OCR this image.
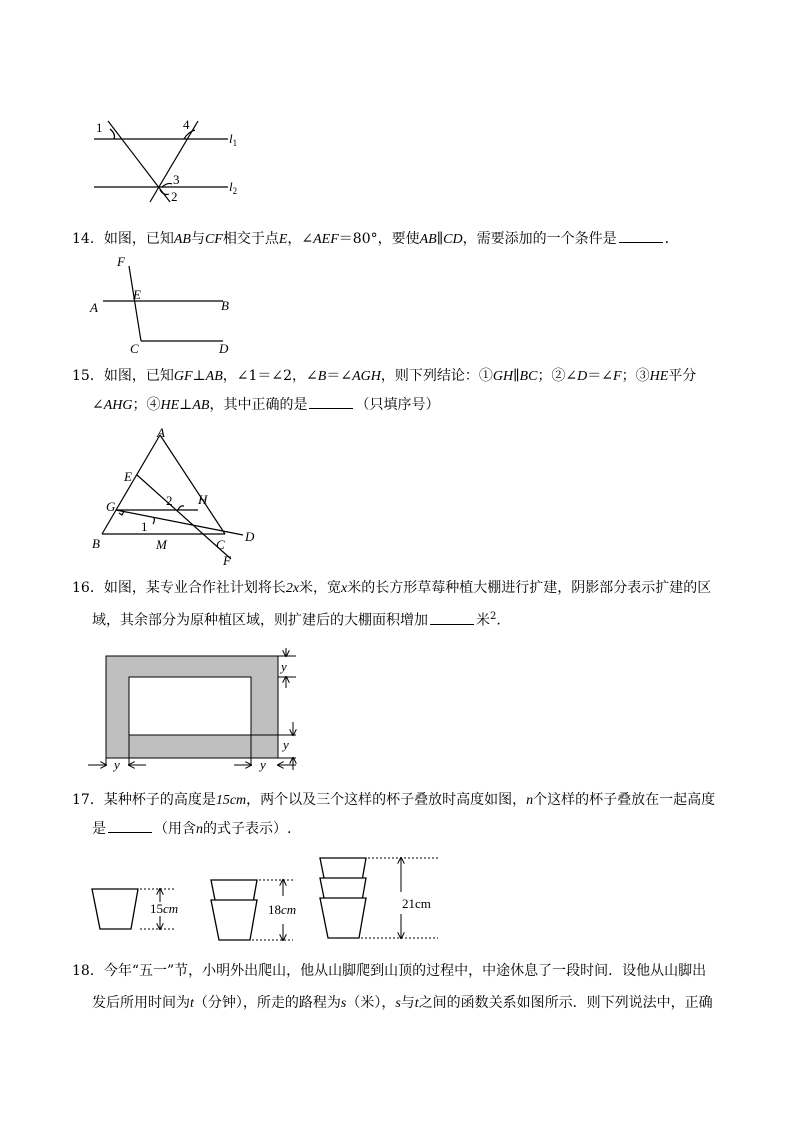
1	4
3
2
$l_1$
$l_2$

14．如图，已知AB与CF相交于点E，∠AEF＝80°，要使AB∥CD，需要添加的一个条件是	．

F
E
A	B
C	D

15．如图，已知GF⊥AB，∠1＝∠2，∠B＝∠AGH，则下列结论：①GH∥BC；②∠D＝∠F；③HE平分

∠AHG；④HE⊥AB，其中正确的是	（只填序号）

A
E
G	H
B	M	C
D
F
1
2

16．如图，某专业合作社计划将长2x米，宽x米的长方形草莓种植大棚进行扩建，阴影部分表示扩建的区

域，其余部分为原种植区域，则扩建后的大棚面积增加	米$^2$.

y
y
y	y

17．某种杯子的高度是15cm，两个以及三个这样的杯子叠放时高度如图，n个这样的杯子叠放在一起高度

是	（用含n的式子表示）.

15cm	18cm	21cm

18．今年“五一”节，小明外出爬山，他从山脚爬到山顶的过程中，中途休息了一段时间．设他从山脚出

发后所用时间为t（分钟），所走的路程为s（米），s与t之间的函数关系如图所示．则下列说法中，正确
